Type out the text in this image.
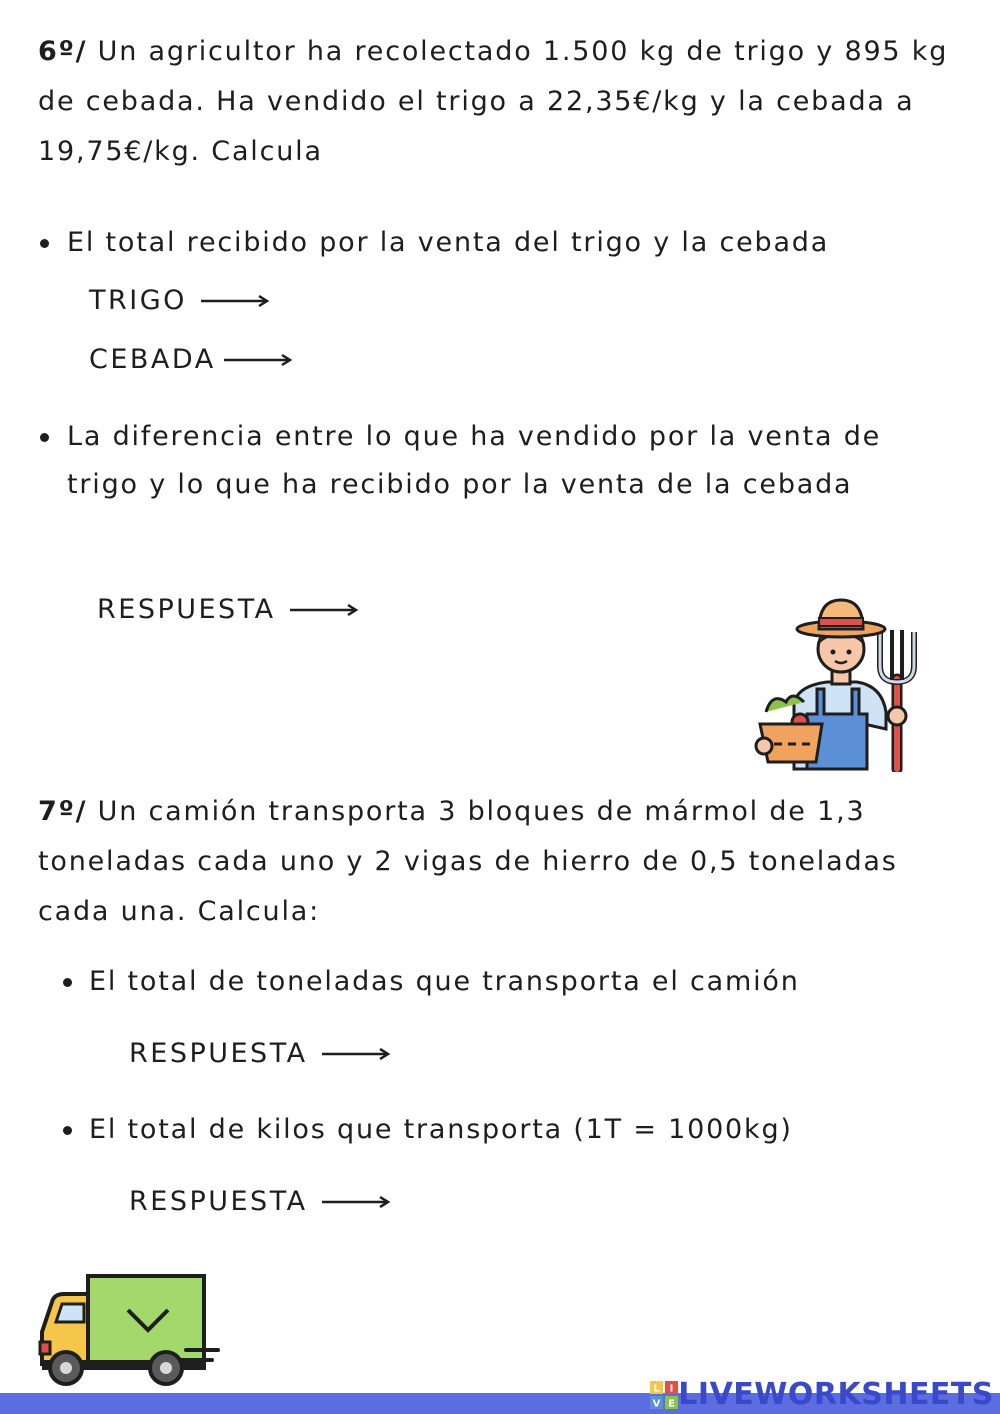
6º/ Un agricultor ha recolectado 1.500 kg de trigo y 895 kg de cebada. Ha vendido el trigo a 22,35€/kg y la cebada a 19,75€/kg. Calcula
El total recibido por la venta del trigo y la cebada
TRIGO
CEBADA
La diferencia entre lo que ha vendido por la venta de trigo y lo que ha recibido por la venta de la cebada
RESPUESTA
7º/ Un camión transporta 3 bloques de mármol de 1,3 toneladas cada uno y 2 vigas de hierro de 0,5 toneladas cada una. Calcula:
El total de toneladas que transporta el camión
RESPUESTA
El total de kilos que transporta (1T = 1000kg)
RESPUESTA
L I
V E LIVEWORKSHEETS
